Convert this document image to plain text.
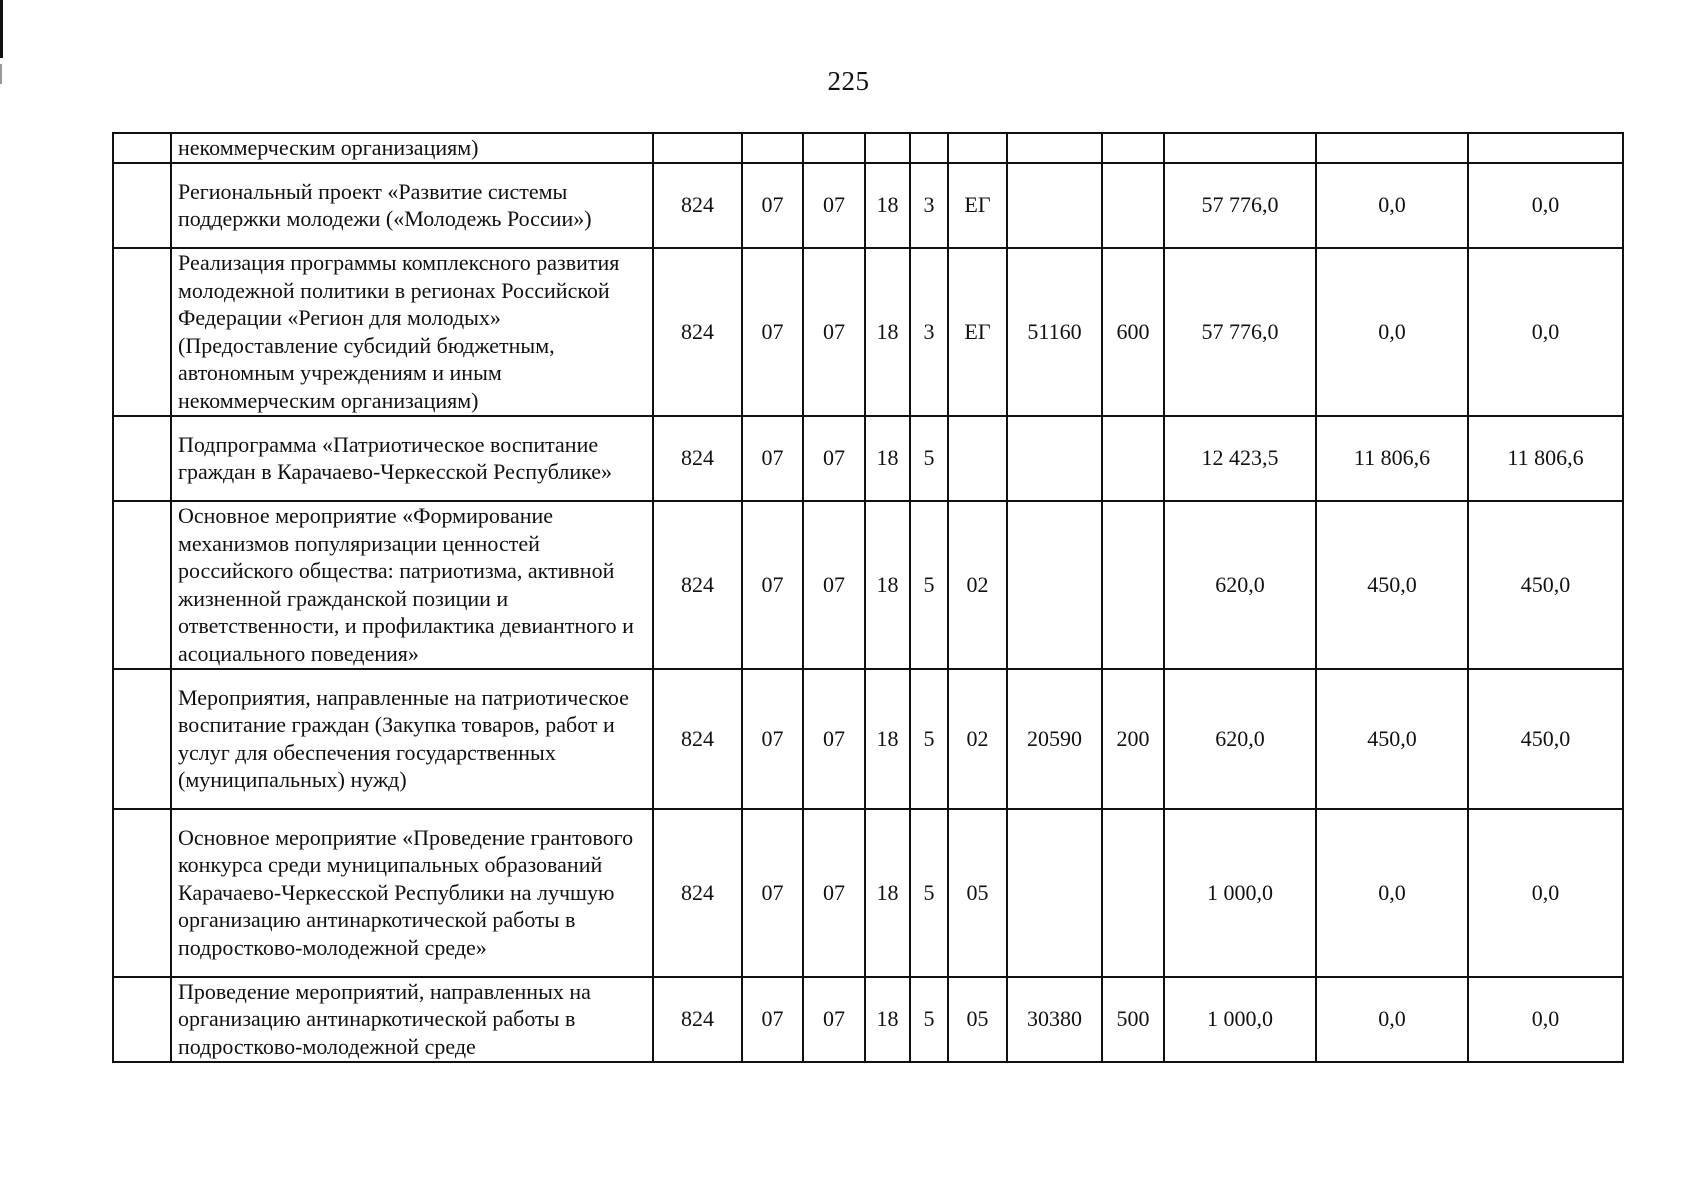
225
	некоммерческим организациям)											
	Региональный проект «Развитие системы поддержки молодежи («Молодежь России»)	824	07	07	18	3	ЕГ			57 776,0	0,0	0,0
	Реализация программы комплексного развития молодежной политики в регионах Российской Федерации «Регион для молодых» (Предоставление субсидий бюджетным, автономным учреждениям и иным некоммерческим организациям)	824	07	07	18	3	ЕГ	51160	600	57 776,0	0,0	0,0
	Подпрограмма «Патриотическое воспитание граждан в Карачаево-Черкесской Республике»	824	07	07	18	5				12 423,5	11 806,6	11 806,6
	Основное мероприятие «Формирование механизмов популяризации ценностей российского общества: патриотизма, активной жизненной гражданской позиции и ответственности, и профилактика девиантного и асоциального поведения»	824	07	07	18	5	02			620,0	450,0	450,0
	Мероприятия, направленные на патриотическое воспитание граждан (Закупка товаров, работ и услуг для обеспечения государственных (муниципальных) нужд)	824	07	07	18	5	02	20590	200	620,0	450,0	450,0
	Основное мероприятие «Проведение грантового конкурса среди муниципальных образований Карачаево-Черкесской Республики на лучшую организацию антинаркотической работы в подростково-молодежной среде»	824	07	07	18	5	05			1 000,0	0,0	0,0
	Проведение мероприятий, направленных на организацию антинаркотической работы в подростково-молодежной среде	824	07	07	18	5	05	30380	500	1 000,0	0,0	0,0
